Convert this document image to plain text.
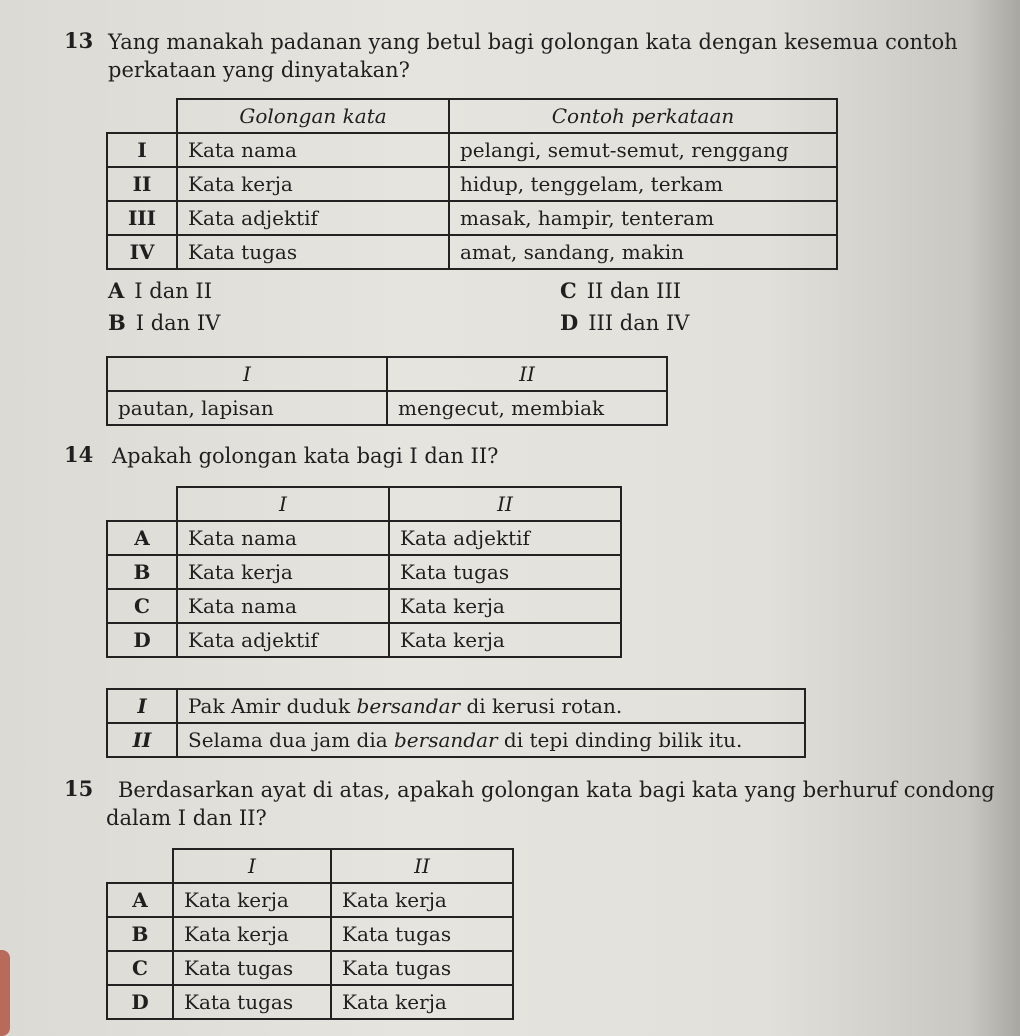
13 Yang manakah padanan yang betul bagi golongan kata dengan kesemua contoh
perkataan yang dinyatakan?
	Golongan kata	Contoh perkataan
I	Kata nama	pelangi, semut-semut, renggang
II	Kata kerja	hidup, tenggelam, terkam
III	Kata adjektif	masak, hampir, tenteram
IV	Kata tugas	amat, sandang, makin
A I dan II
B I dan IV
C II dan III
D III dan IV
I	II
pautan, lapisan	mengecut, membiak
14 Apakah golongan kata bagi I dan II?
	I	II
A	Kata nama	Kata adjektif
B	Kata kerja	Kata tugas
C	Kata nama	Kata kerja
D	Kata adjektif	Kata kerja
I	Pak Amir duduk bersandar di kerusi rotan.
II	Selama dua jam dia bersandar di tepi dinding bilik itu.
15 Berdasarkan ayat di atas, apakah golongan kata bagi kata yang berhuruf condong
dalam I dan II?
	I	II
A	Kata kerja	Kata kerja
B	Kata kerja	Kata tugas
C	Kata tugas	Kata tugas
D	Kata tugas	Kata kerja
